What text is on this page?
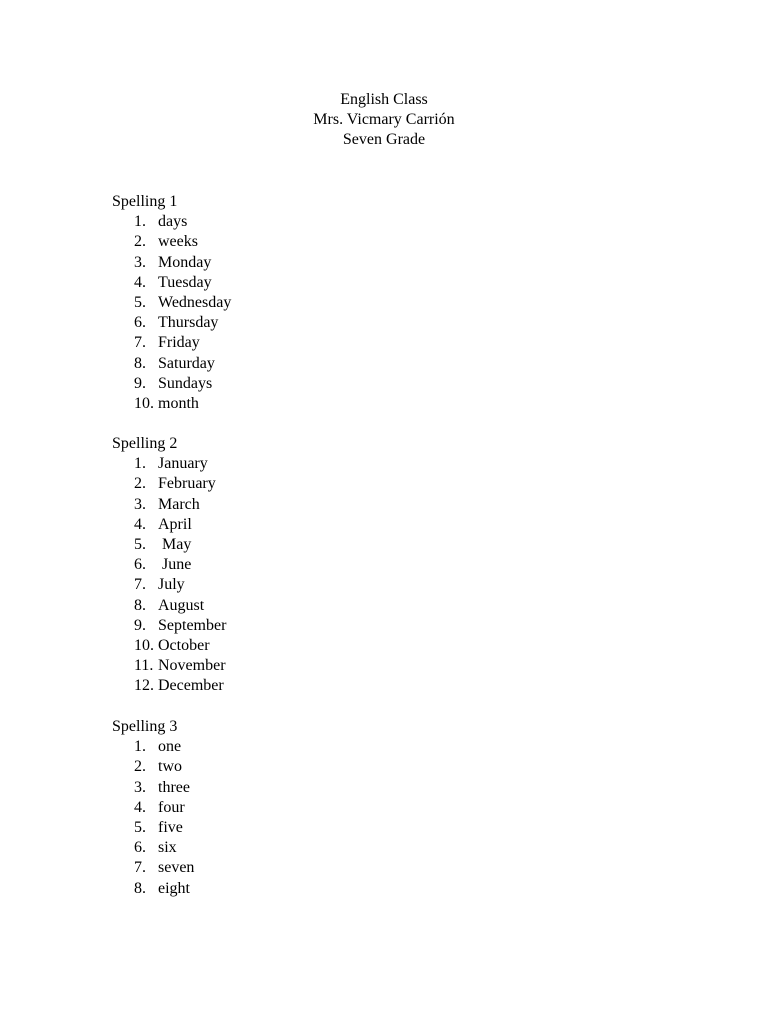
English Class
Mrs. Vicmary Carrión
Seven Grade
Spelling 1
1. days
2. weeks
3. Monday
4. Tuesday
5. Wednesday
6. Thursday
7. Friday
8. Saturday
9. Sundays
10. month
Spelling 2
1. January
2. February
3. March
4. April
5. May
6. June
7. July
8. August
9. September
10. October
11. November
12. December
Spelling 3
1. one
2. two
3. three
4. four
5. five
6. six
7. seven
8. eight
